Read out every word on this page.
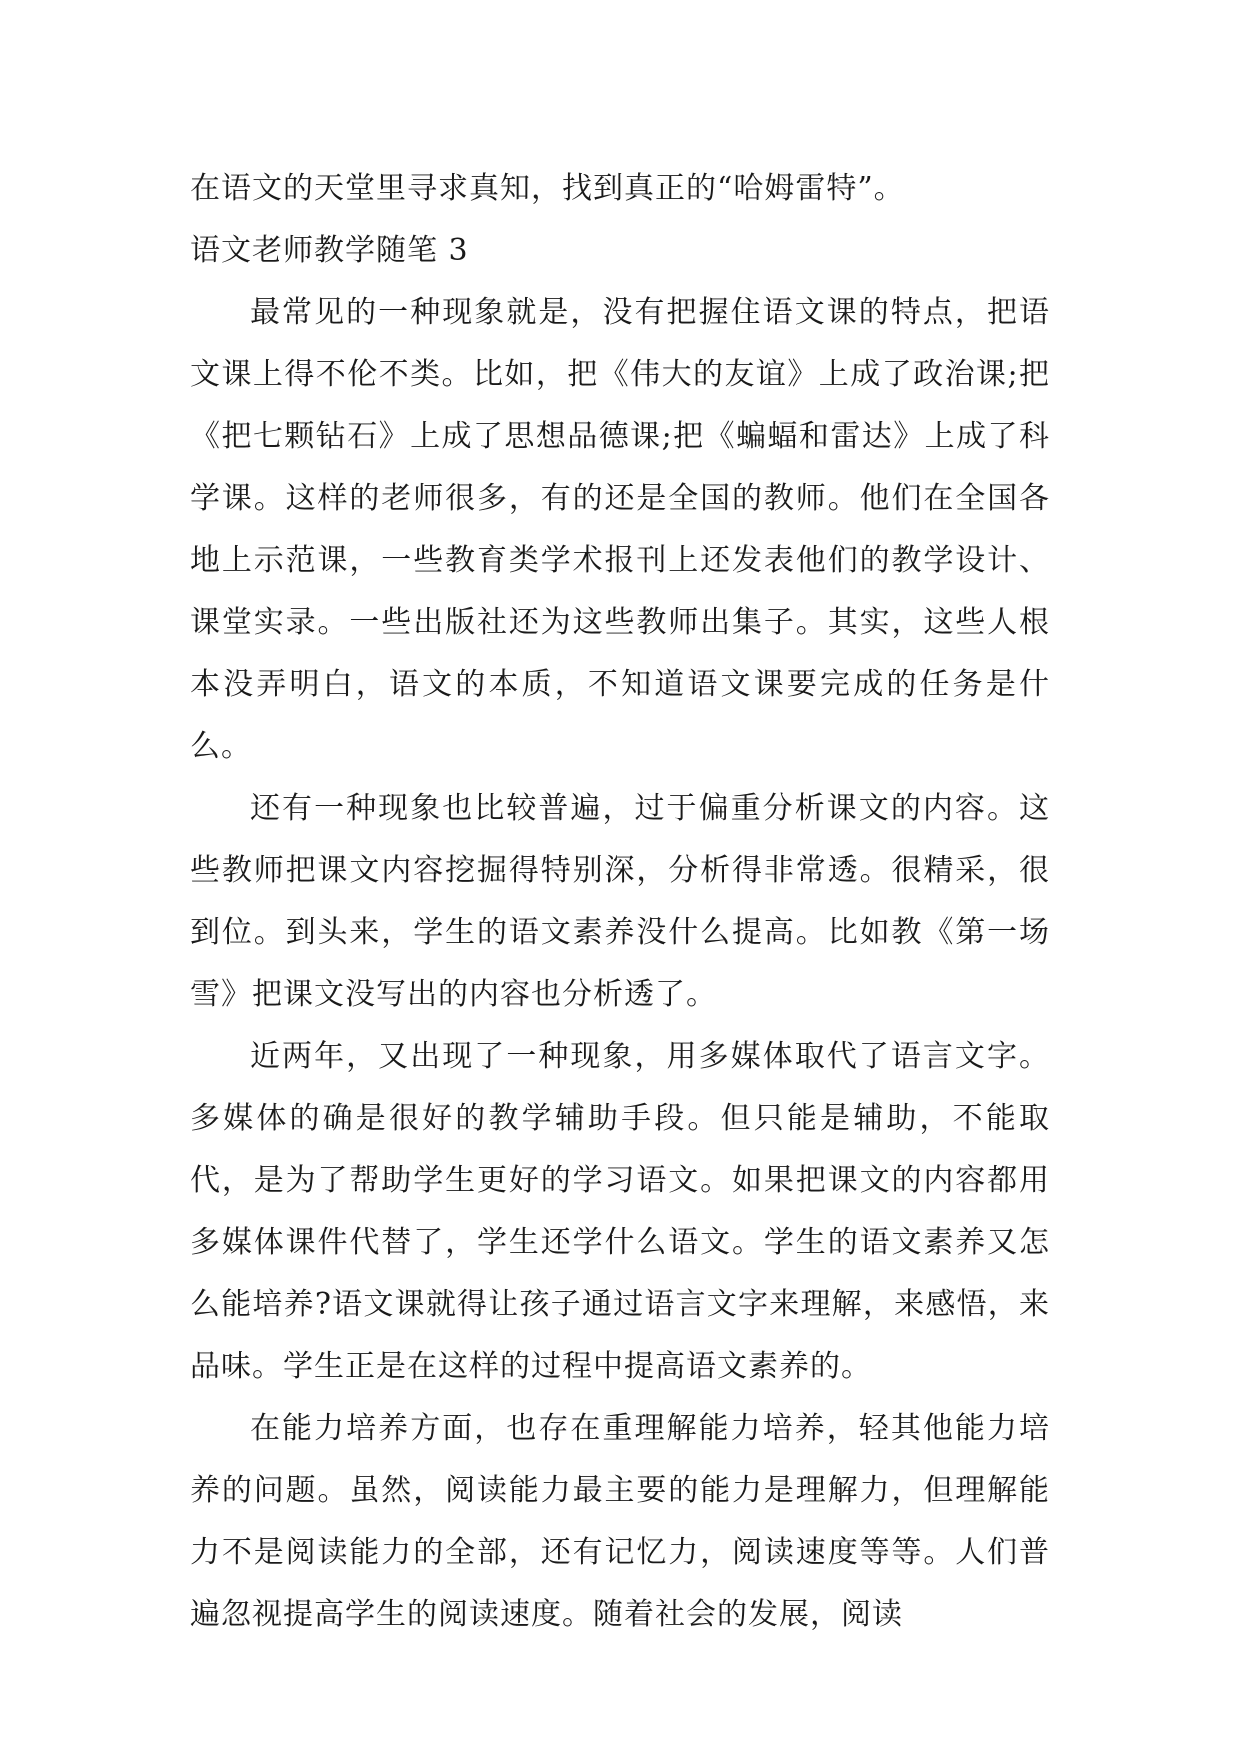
在语文的天堂里寻求真知，找到真正的“哈姆雷特”。

语文老师教学随笔 3

最常见的一种现象就是，没有把握住语文课的特点，把语文课上得不伦不类。比如，把《伟大的友谊》上成了政治课;把《把七颗钻石》上成了思想品德课;把《蝙蝠和雷达》上成了科学课。这样的老师很多，有的还是全国的教师。他们在全国各地上示范课，一些教育类学术报刊上还发表他们的教学设计、课堂实录。一些出版社还为这些教师出集子。其实，这些人根本没弄明白，语文的本质，不知道语文课要完成的任务是什么。

还有一种现象也比较普遍，过于偏重分析课文的内容。这些教师把课文内容挖掘得特别深，分析得非常透。很精采，很到位。到头来，学生的语文素养没什么提高。比如教《第一场雪》把课文没写出的内容也分析透了。

近两年，又出现了一种现象，用多媒体取代了语言文字。多媒体的确是很好的教学辅助手段。但只能是辅助，不能取代，是为了帮助学生更好的学习语文。如果把课文的内容都用多媒体课件代替了，学生还学什么语文。学生的语文素养又怎么能培养?语文课就得让孩子通过语言文字来理解，来感悟，来品味。学生正是在这样的过程中提高语文素养的。

在能力培养方面，也存在重理解能力培养，轻其他能力培养的问题。虽然，阅读能力最主要的能力是理解力，但理解能力不是阅读能力的全部，还有记忆力，阅读速度等等。人们普遍忽视提高学生的阅读速度。随着社会的发展，阅读
